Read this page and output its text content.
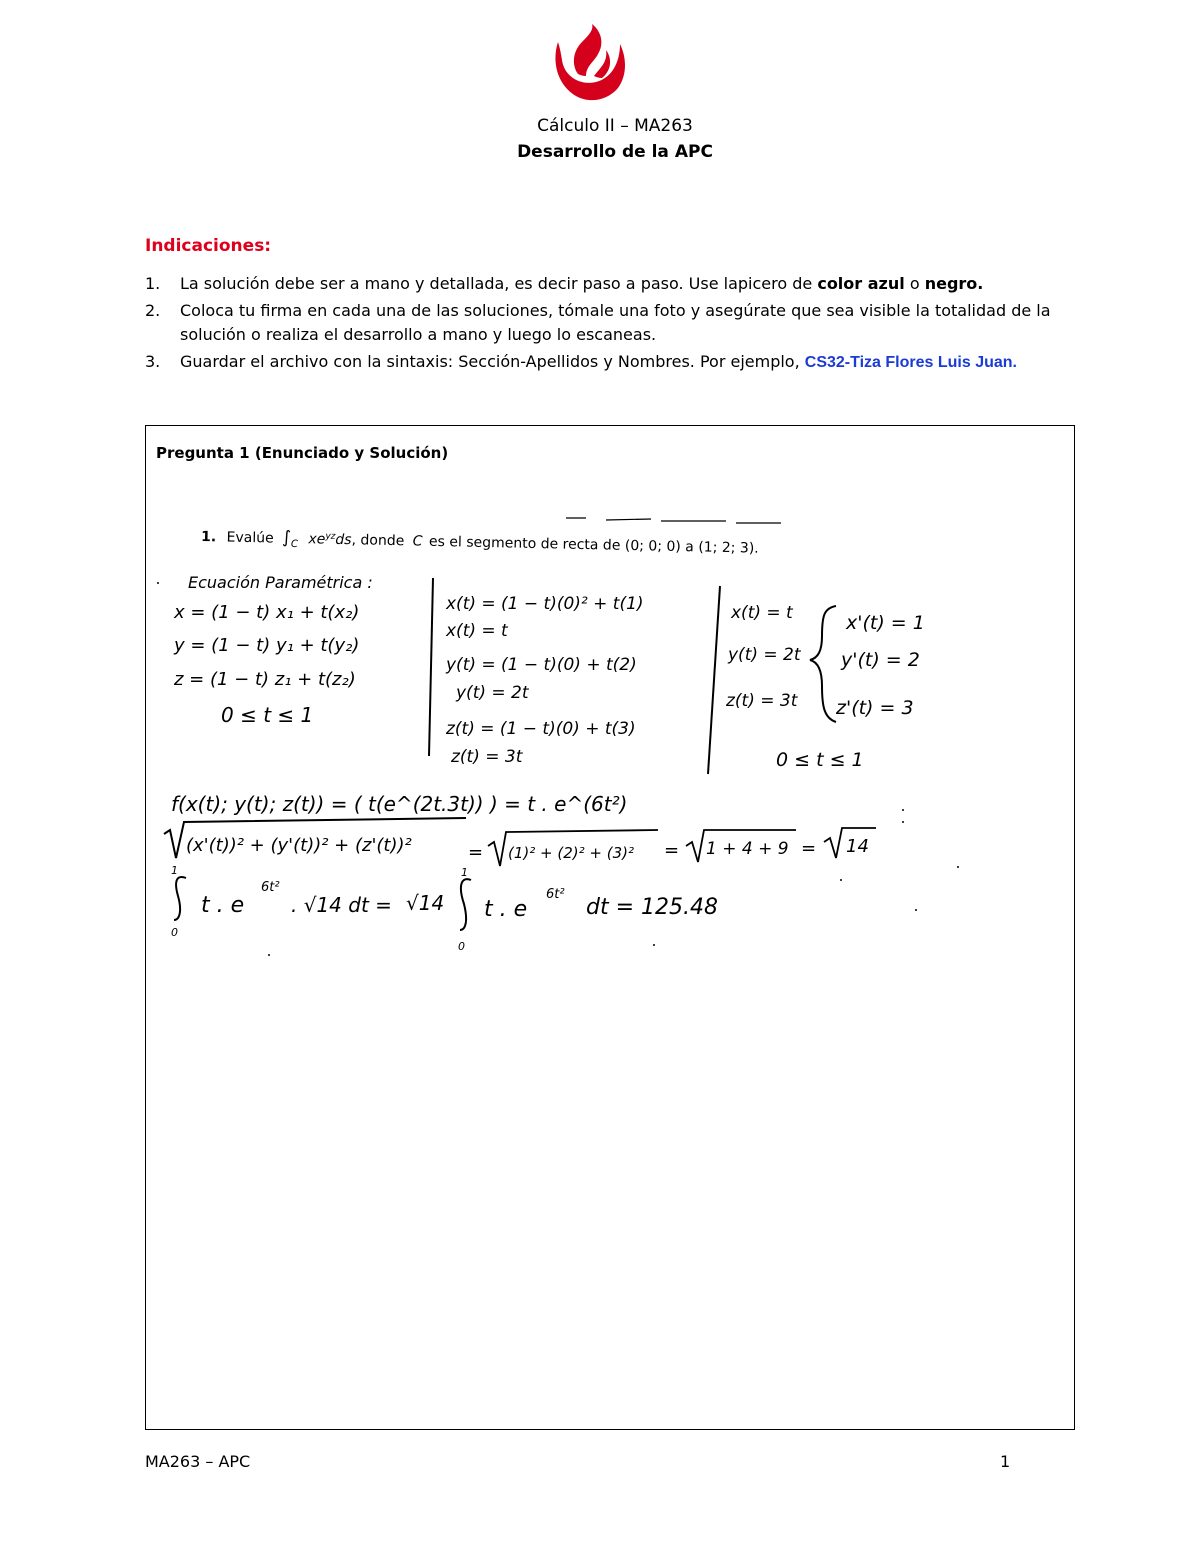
Cálculo II – MA263
Desarrollo de la APC
Indicaciones:
1. La solución debe ser a mano y detallada, es decir paso a paso. Use lapicero de color azul o negro.
2. Coloca tu firma en cada una de las soluciones, tómale una foto y asegúrate que sea visible la totalidad de la solución o realiza el desarrollo a mano y luego lo escaneas.
3. Guardar el archivo con la sintaxis: Sección-Apellidos y Nombres. Por ejemplo, CS32-Tiza Flores Luis Juan.
Pregunta 1 (Enunciado y Solución)
1. Evalúe $\int_C$ $xe^{yz}ds$, donde C es el segmento de recta de (0; 0; 0) a (1; 2; 3).
Ecuación Paramétrica :
x = (1 − t) x₁ + t(x₂)
y = (1 − t) y₁ + t(y₂)
z = (1 − t) z₁ + t(z₂)
0 ≤ t ≤ 1
x(t) = (1 − t)(0)² + t(1)
x(t) = t
y(t) = (1 − t)(0) + t(2)
y(t) = 2t
z(t) = (1 − t)(0) + t(3)
z(t) = 3t
x(t) = t
y(t) = 2t
z(t) = 3t
0 ≤ t ≤ 1
x'(t) = 1
y'(t) = 2
z'(t) = 3
f(x(t); y(t); z(t)) = ( t(e^(2t.3t)) ) = t . e^(6t²)
(x'(t))² + (y'(t))² + (z'(t))²	= (1)² + (2)² + (3)² = 1 + 4 + 9 = 14
1
0
t . e
6t²
. √14 dt = √14
1
0
t . e
6t²
dt = 125.48
MA263 – APC	1
